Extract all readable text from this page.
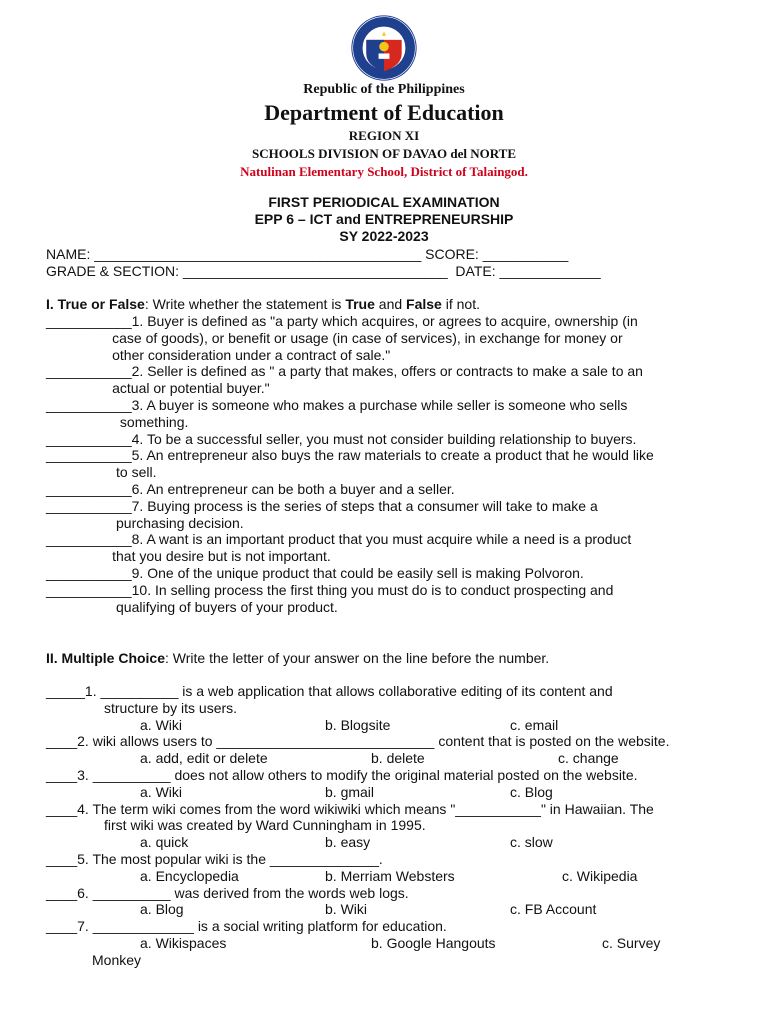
Republic of the Philippines
Department of Education
REGION XI
SCHOOLS DIVISION OF DAVAO del NORTE
Natulinan Elementary School, District of Talaingod.
FIRST PERIODICAL EXAMINATION
EPP 6 – ICT and ENTREPRENEURSHIP
SY 2022-2023
NAME: __________________________________________ SCORE: ___________
GRADE & SECTION: __________________________________  DATE: _____________
I. True or False: Write whether the statement is True and False if not.
___________1. Buyer is defined as "a party which acquires, or agrees to acquire, ownership (in
case of goods), or benefit or usage (in case of services), in exchange for money or
other consideration under a contract of sale."
___________2. Seller is defined as " a party that makes, offers or contracts to make a sale to an
actual or potential buyer."
___________3. A buyer is someone who makes a purchase while seller is someone who sells
something.
___________4. To be a successful seller, you must not consider building relationship to buyers.
___________5. An entrepreneur also buys the raw materials to create a product that he would like
to sell.
___________6. An entrepreneur can be both a buyer and a seller.
___________7. Buying process is the series of steps that a consumer will take to make a
purchasing decision.
___________8. A want is an important product that you must acquire while a need is a product
that you desire but is not important.
___________9. One of the unique product that could be easily sell is making Polvoron.
___________10. In selling process the first thing you must do is to conduct prospecting and
qualifying of buyers of your product.
II. Multiple Choice: Write the letter of your answer on the line before the number.
_____1. __________ is a web application that allows collaborative editing of its content and
structure by its users.
a. Wiki	b. Blogsite	c. email
____2. wiki allows users to ____________________________ content that is posted on the website.
a. add, edit or delete	b. delete	c. change
____3. __________ does not allow others to modify the original material posted on the website.
a. Wiki	b. gmail	c. Blog
____4. The term wiki comes from the word wikiwiki which means "___________" in Hawaiian. The
first wiki was created by Ward Cunningham in 1995.
a. quick	b. easy	c. slow
____5. The most popular wiki is the ______________.
a. Encyclopedia	b. Merriam Websters	c. Wikipedia
____6. __________ was derived from the words web logs.
a. Blog	b. Wiki	c. FB Account
____7. _____________ is a social writing platform for education.
a. Wikispaces	b. Google Hangouts	c. Survey
Monkey
